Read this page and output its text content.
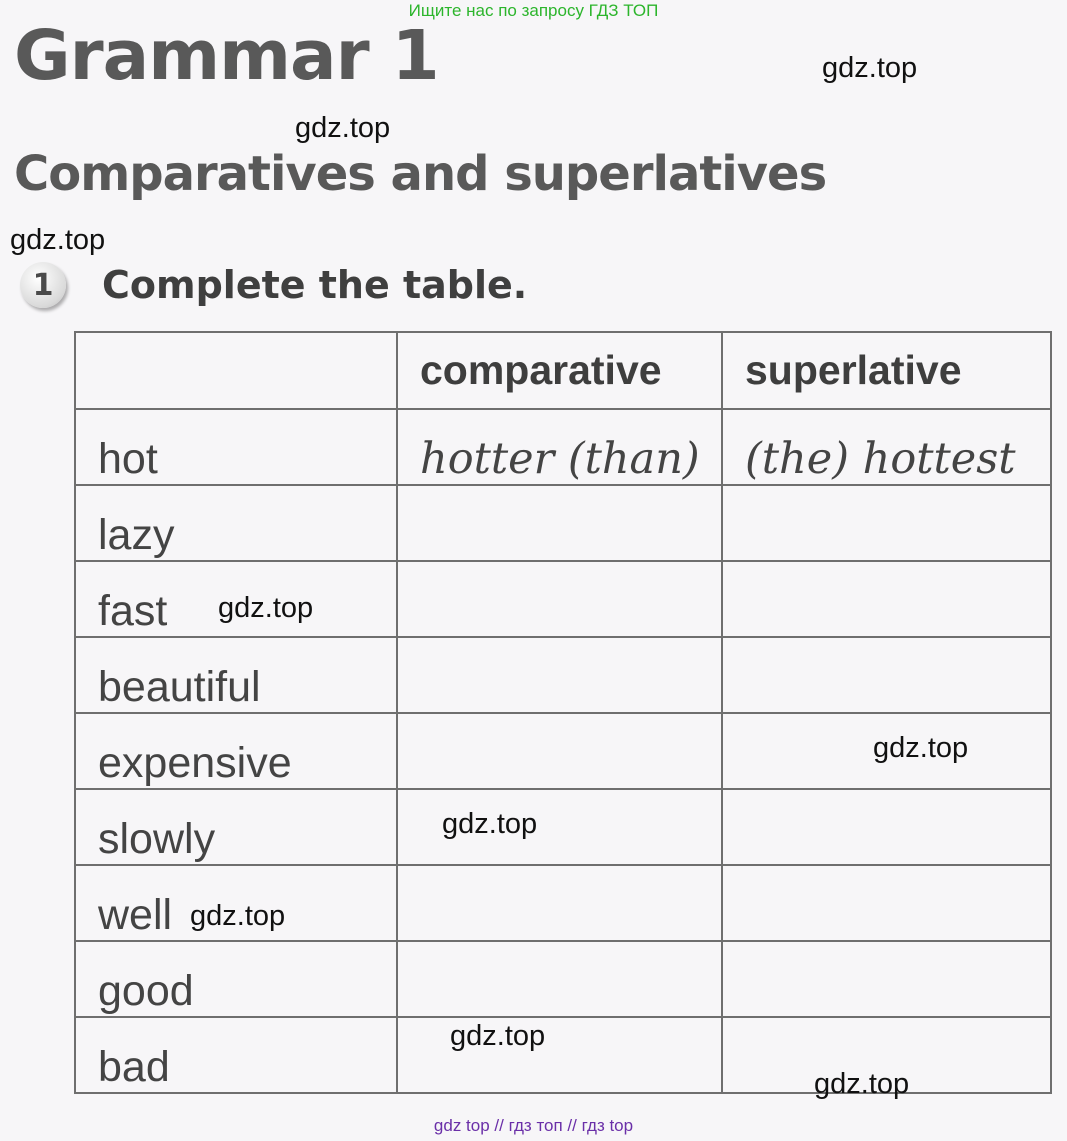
Ищите нас по запросу ГДЗ ТОП
Grammar 1
Comparatives and superlatives
1	Complete the table.
	comparative	superlative
hot	hotter (than)	(the) hottest
lazy		
fast		
beautiful		
expensive		
slowly		
well		
good		
bad		
gdz.top
gdz.top
gdz.top
gdz.top
gdz.top
gdz.top
gdz.top
gdz.top
gdz.top
gdz top // гдз топ // гдз top
